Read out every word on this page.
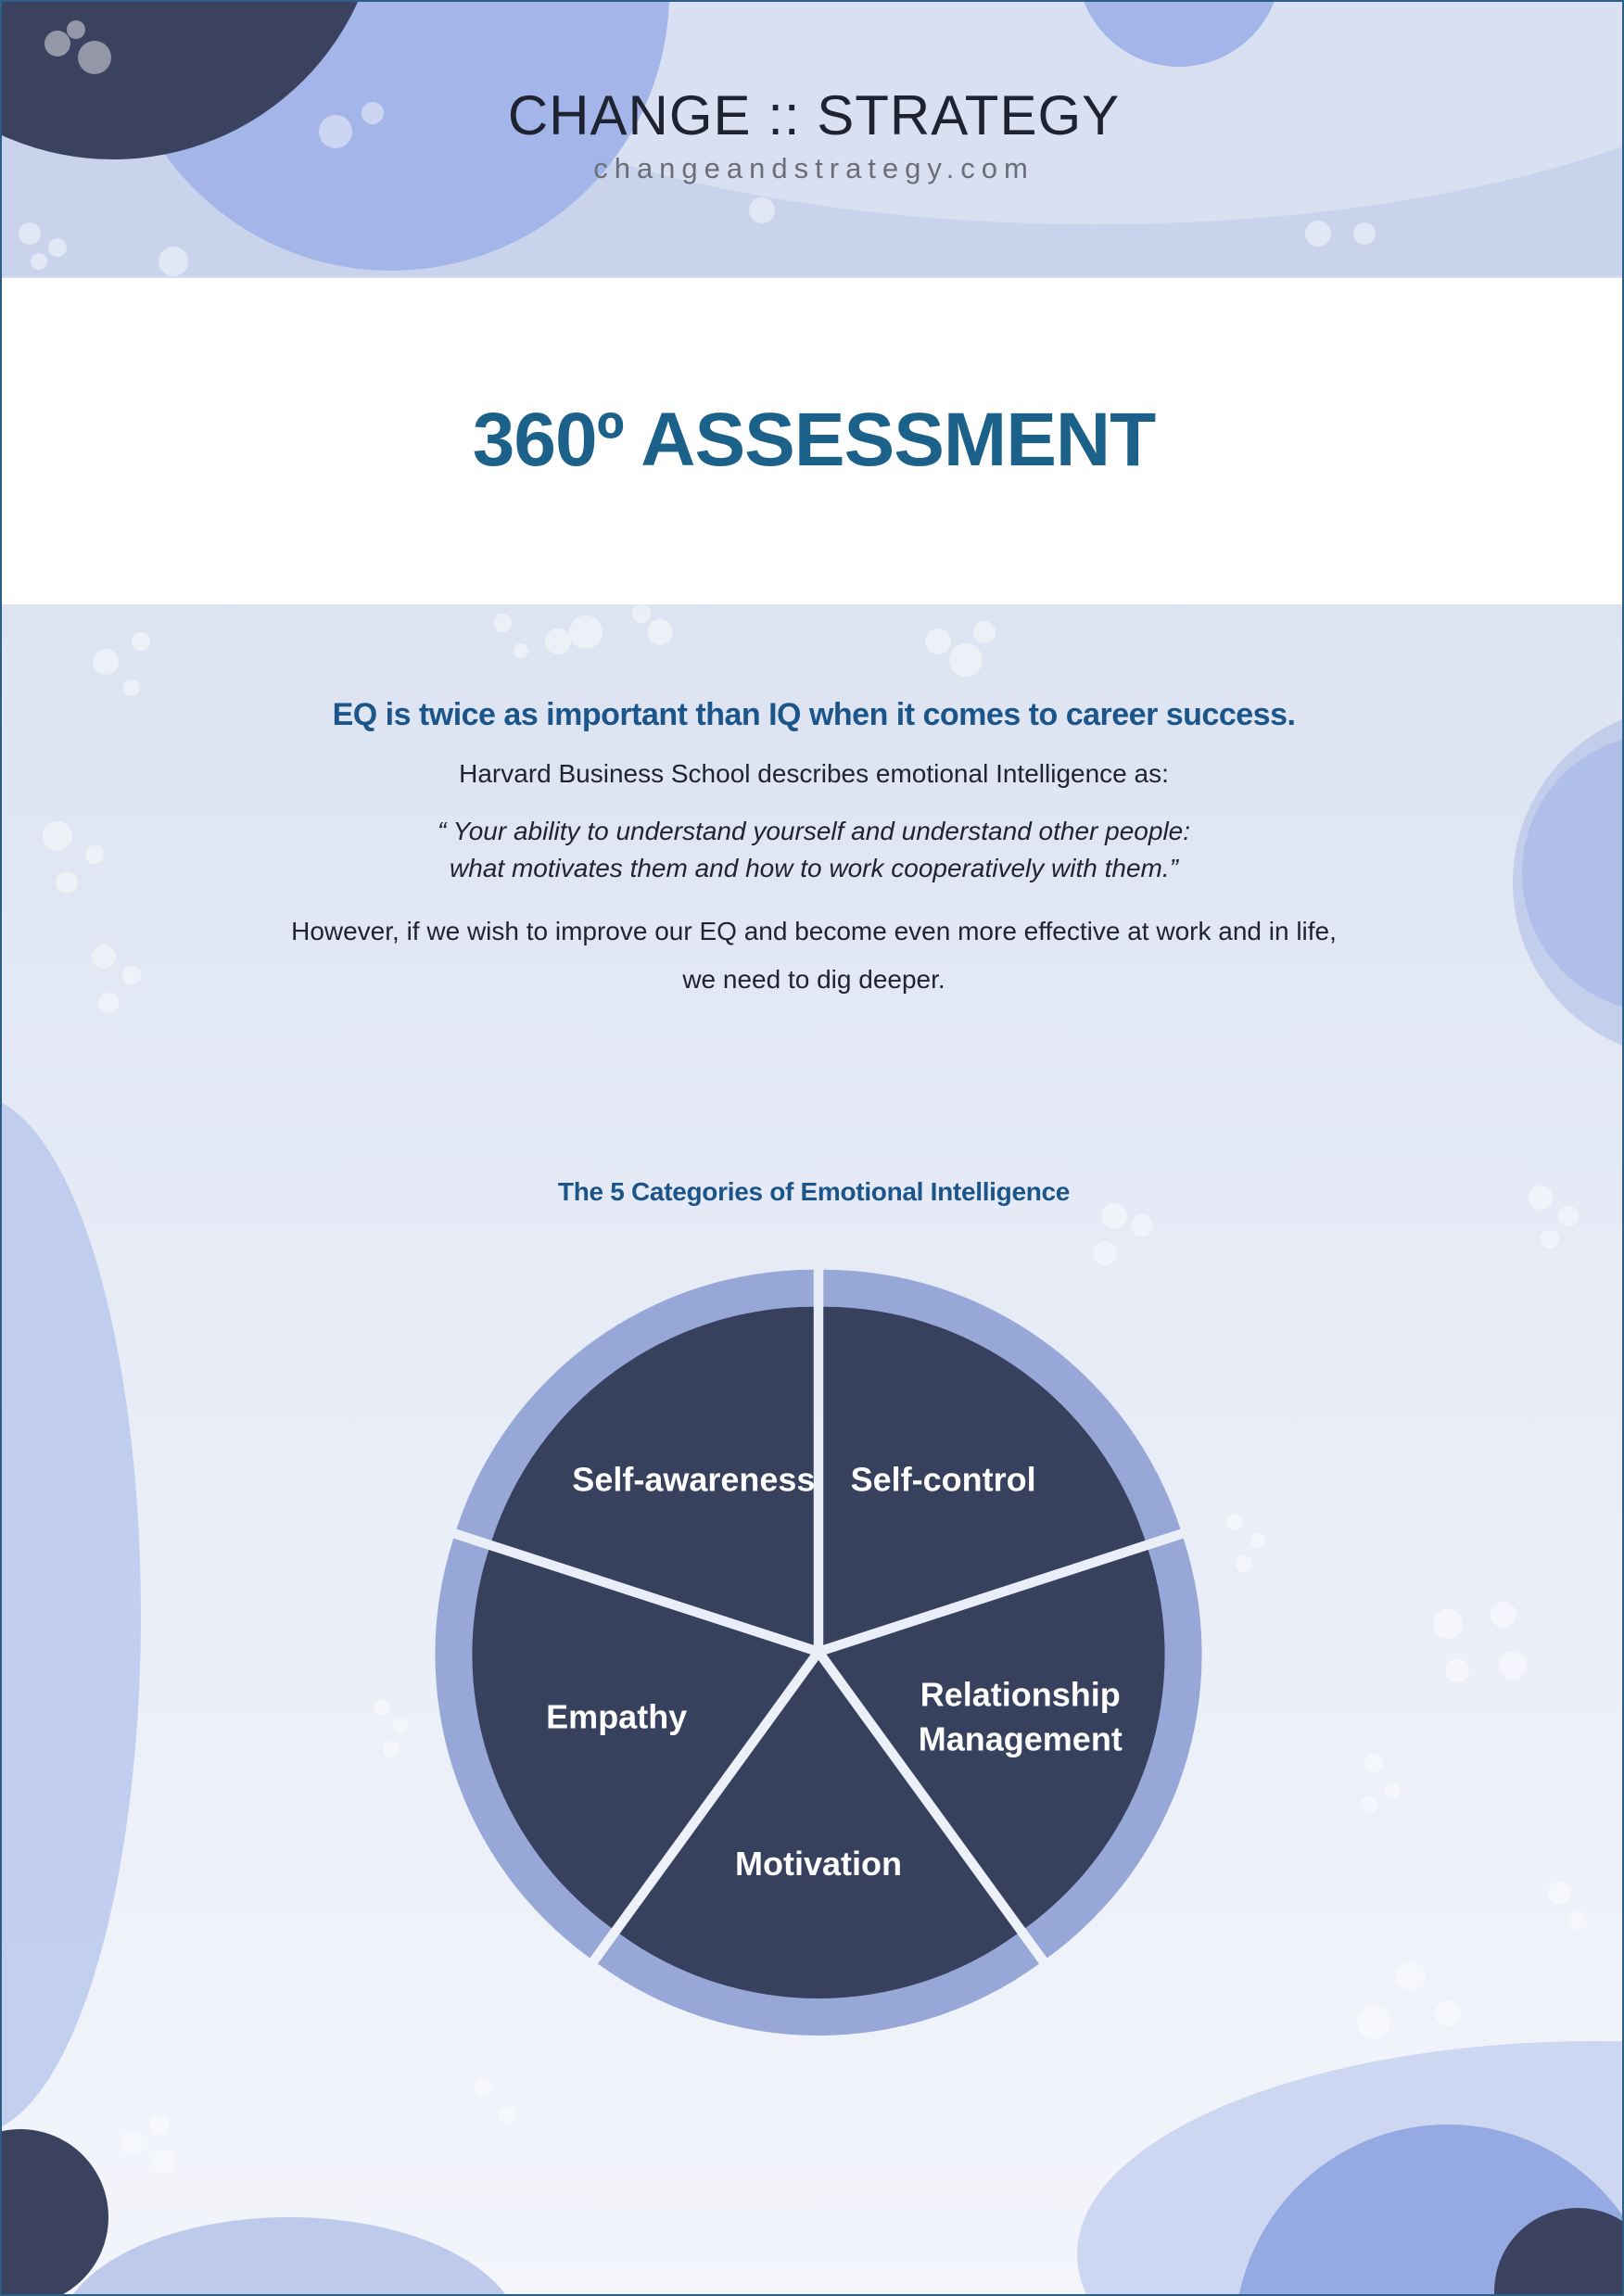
CHANGE :: STRATEGY
changeandstrategy.com
360º ASSESSMENT

EQ is twice as important than IQ when it comes to career success.

Harvard Business School describes emotional Intelligence as:

“ Your ability to understand yourself and understand other people:
what motivates them and how to work cooperatively with them.”

However, if we wish to improve our EQ and become even more effective at work and in life,
we need to dig deeper.

The 5 Categories of Emotional Intelligence
Self-control
Relationship Management
Motivation
Empathy
Self-awareness
